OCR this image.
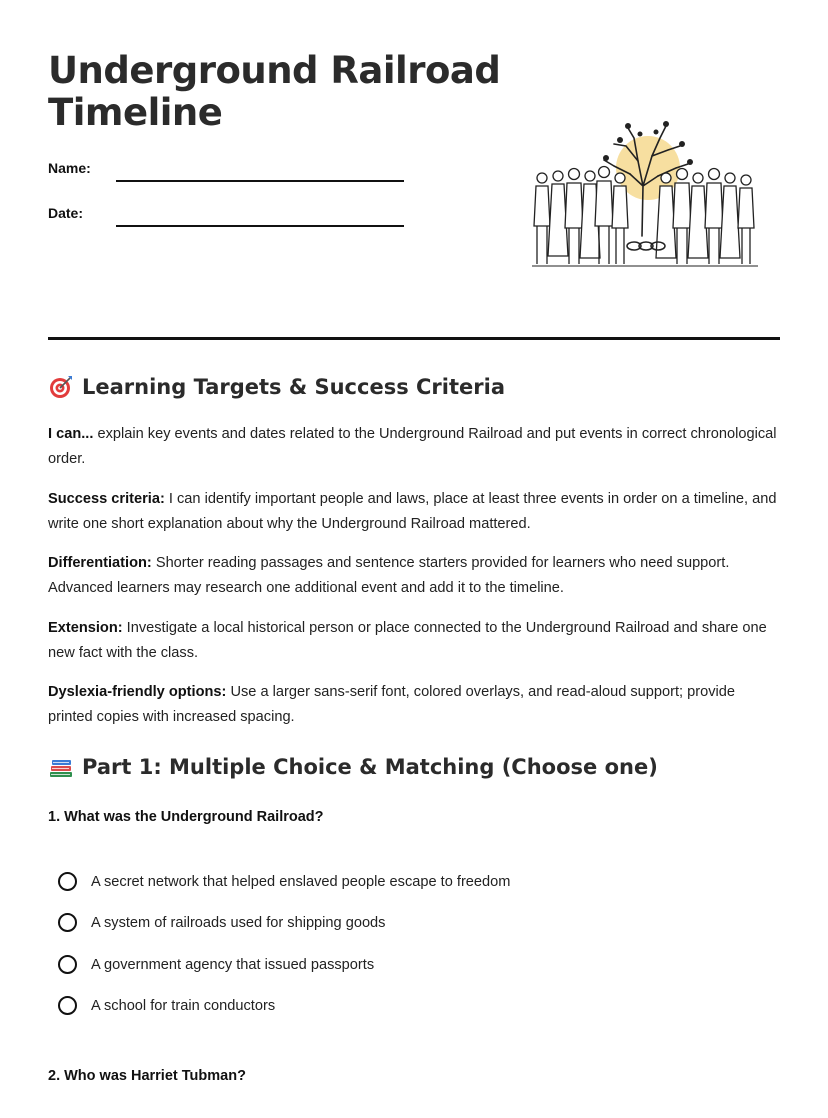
Underground Railroad Timeline
Name:
Date:
Learning Targets & Success Criteria

I can... explain key events and dates related to the Underground Railroad and put events in correct chronological order.

Success criteria: I can identify important people and laws, place at least three events in order on a timeline, and write one short explanation about why the Underground Railroad mattered.

Differentiation: Shorter reading passages and sentence starters provided for learners who need support. Advanced learners may research one additional event and add it to the timeline.

Extension: Investigate a local historical person or place connected to the Underground Railroad and share one new fact with the class.

Dyslexia-friendly options: Use a larger sans-serif font, colored overlays, and read-aloud support; provide printed copies with increased spacing.

Part 1: Multiple Choice & Matching (Choose one)

1. What was the Underground Railroad?

A secret network that helped enslaved people escape to freedom
A system of railroads used for shipping goods
A government agency that issued passports
A school for train conductors

2. Who was Harriet Tubman?
